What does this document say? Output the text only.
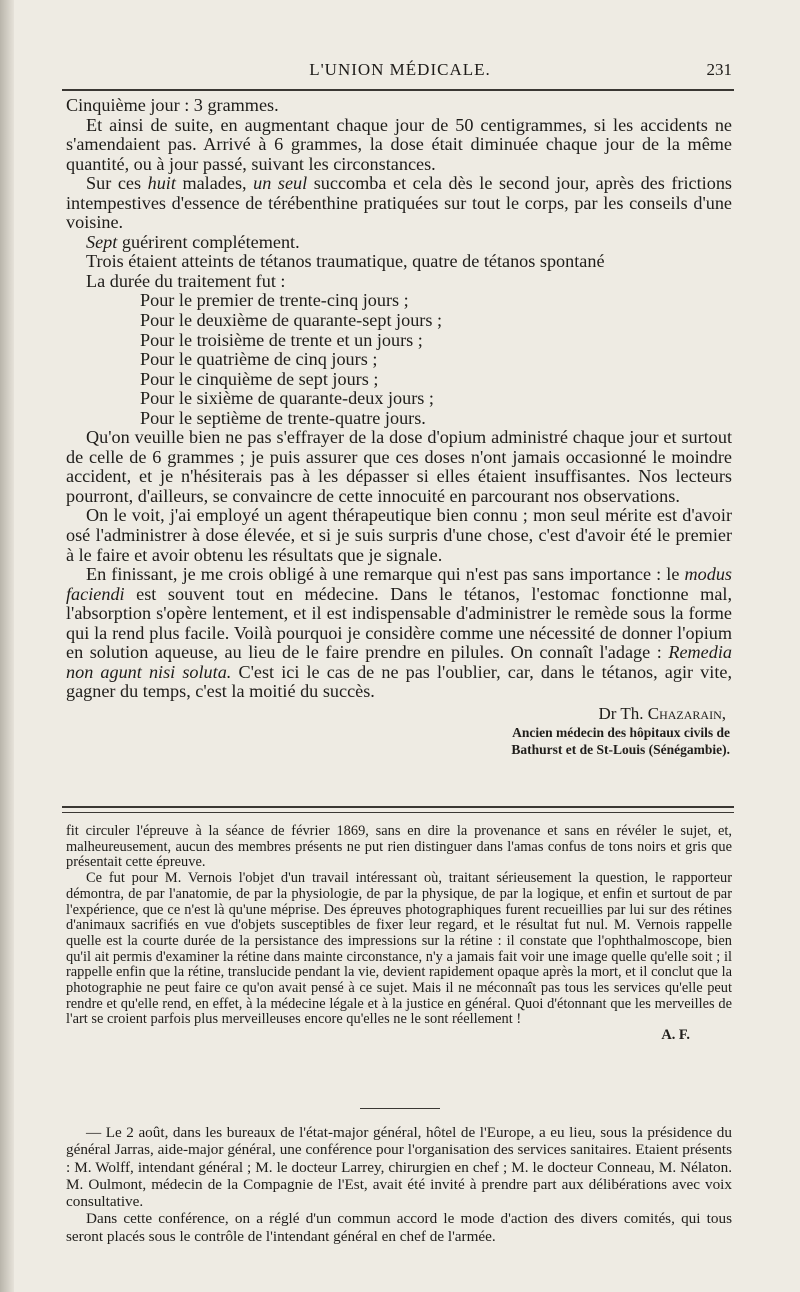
L'UNION MÉDICALE.	231

Cinquième jour : 3 grammes.

Et ainsi de suite, en augmentant chaque jour de 50 centigrammes, si les accidents ne s'amendaient pas. Arrivé à 6 grammes, la dose était diminuée chaque jour de la même quantité, ou à jour passé, suivant les circonstances.

Sur ces huit malades, un seul succomba et cela dès le second jour, après des frictions intempestives d'essence de térébenthine pratiquées sur tout le corps, par les conseils d'une voisine.

Sept guérirent complétement.

Trois étaient atteints de tétanos traumatique, quatre de tétanos spontané

La durée du traitement fut :

Pour le premier de trente-cinq jours ;

Pour le deuxième de quarante-sept jours ;

Pour le troisième de trente et un jours ;

Pour le quatrième de cinq jours ;

Pour le cinquième de sept jours ;

Pour le sixième de quarante-deux jours ;

Pour le septième de trente-quatre jours.

Qu'on veuille bien ne pas s'effrayer de la dose d'opium administré chaque jour et surtout de celle de 6 grammes ; je puis assurer que ces doses n'ont jamais occasionné le moindre accident, et je n'hésiterais pas à les dépasser si elles étaient insuffisantes. Nos lecteurs pourront, d'ailleurs, se convaincre de cette innocuité en parcourant nos observations.

On le voit, j'ai employé un agent thérapeutique bien connu ; mon seul mérite est d'avoir osé l'administrer à dose élevée, et si je suis surpris d'une chose, c'est d'avoir été le premier à le faire et avoir obtenu les résultats que je signale.

En finissant, je me crois obligé à une remarque qui n'est pas sans importance : le modus faciendi est souvent tout en médecine. Dans le tétanos, l'estomac fonctionne mal, l'absorption s'opère lentement, et il est indispensable d'administrer le remède sous la forme qui la rend plus facile. Voilà pourquoi je considère comme une nécessité de donner l'opium en solution aqueuse, au lieu de le faire prendre en pilules. On connaît l'adage : Remedia non agunt nisi soluta. C'est ici le cas de ne pas l'oublier, car, dans le tétanos, agir vite, gagner du temps, c'est la moitié du succès.

Dr Th. Chazarain,

Ancien médecin des hôpitaux civils de

Bathurst et de St-Louis (Sénégambie).

fit circuler l'épreuve à la séance de février 1869, sans en dire la provenance et sans en révéler le sujet, et, malheureusement, aucun des membres présents ne put rien distinguer dans l'amas confus de tons noirs et gris que présentait cette épreuve.

Ce fut pour M. Vernois l'objet d'un travail intéressant où, traitant sérieusement la question, le rapporteur démontra, de par l'anatomie, de par la physiologie, de par la physique, de par la logique, et enfin et surtout de par l'expérience, que ce n'est là qu'une méprise. Des épreuves photographiques furent recueillies par lui sur des rétines d'animaux sacrifiés en vue d'objets susceptibles de fixer leur regard, et le résultat fut nul. M. Vernois rappelle quelle est la courte durée de la persistance des impressions sur la rétine : il constate que l'ophthalmoscope, bien qu'il ait permis d'examiner la rétine dans mainte circonstance, n'y a jamais fait voir une image quelle qu'elle soit ; il rappelle enfin que la rétine, translucide pendant la vie, devient rapidement opaque après la mort, et il conclut que la photographie ne peut faire ce qu'on avait pensé à ce sujet. Mais il ne méconnaît pas tous les services qu'elle peut rendre et qu'elle rend, en effet, à la médecine légale et à la justice en général. Quoi d'étonnant que les merveilles de l'art se croient parfois plus merveilleuses encore qu'elles ne le sont réellement !

A. F.

— Le 2 août, dans les bureaux de l'état-major général, hôtel de l'Europe, a eu lieu, sous la présidence du général Jarras, aide-major général, une conférence pour l'organisation des services sanitaires. Etaient présents : M. Wolff, intendant général ; M. le docteur Larrey, chirurgien en chef ; M. le docteur Conneau, M. Nélaton. M. Oulmont, médecin de la Compagnie de l'Est, avait été invité à prendre part aux délibérations avec voix consultative.

Dans cette conférence, on a réglé d'un commun accord le mode d'action des divers comités, qui tous seront placés sous le contrôle de l'intendant général en chef de l'armée.
